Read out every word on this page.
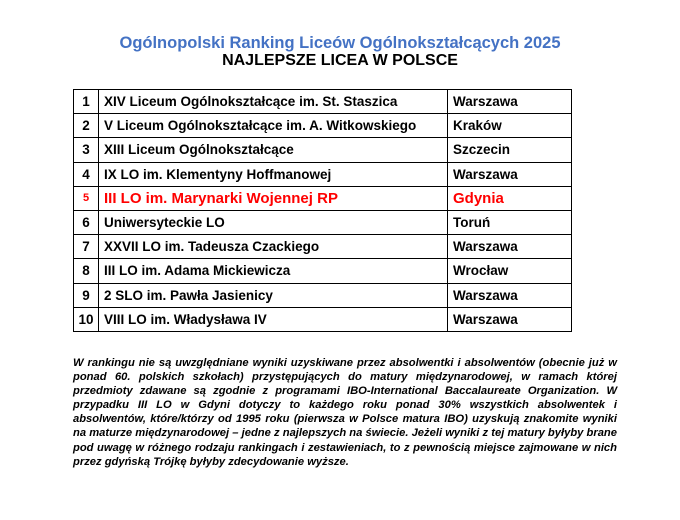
Ogólnopolski Ranking Liceów Ogólnokształcących 2025
NAJLEPSZE LICEA W POLSCE
1	XIV Liceum Ogólnokształcące im. St. Staszica	Warszawa
2	V Liceum Ogólnokształcące im. A. Witkowskiego	Kraków
3	XIII Liceum Ogólnokształcące	Szczecin
4	IX LO im. Klementyny Hoffmanowej	Warszawa
5	III LO im. Marynarki Wojennej RP	Gdynia
6	Uniwersyteckie LO	Toruń
7	XXVII LO im. Tadeusza Czackiego	Warszawa
8	III LO im. Adama Mickiewicza	Wrocław
9	2 SLO im. Pawła Jasienicy	Warszawa
10	VIII LO im. Władysława IV	Warszawa
W rankingu nie są uwzględniane wyniki uzyskiwane przez absolwentki i absolwentów (obecnie już w ponad 60. polskich szkołach) przystępujących do matury międzynarodowej, w ramach której przedmioty zdawane są zgodnie z programami IBO-International Baccalaureate Organization. W przypadku III LO w Gdyni dotyczy to każdego roku ponad 30% wszystkich absolwentek i absolwentów, które/którzy od 1995 roku (pierwsza w Polsce matura IBO) uzyskują znakomite wyniki na maturze międzynarodowej – jedne z najlepszych na świecie. Jeżeli wyniki z tej matury byłyby brane pod uwagę w różnego rodzaju rankingach i zestawieniach, to z pewnością miejsce zajmowane w nich przez gdyńską Trójkę byłyby zdecydowanie wyższe.
